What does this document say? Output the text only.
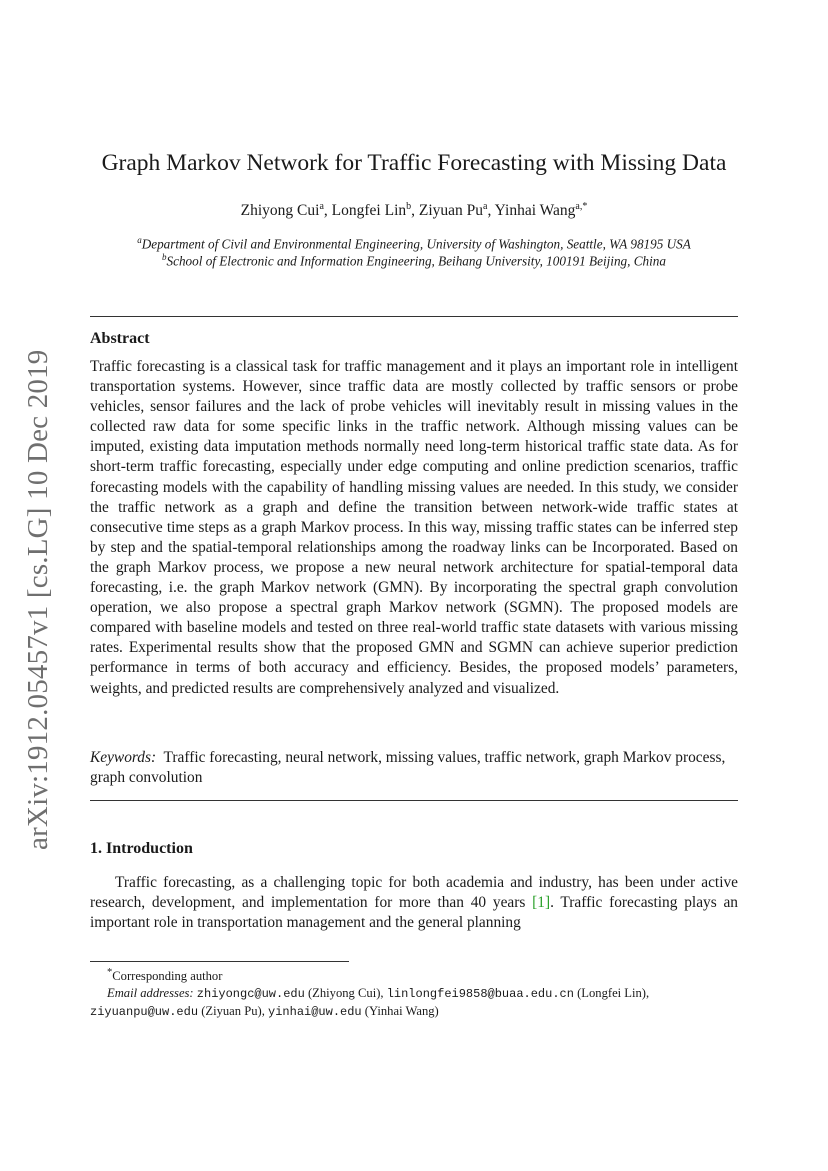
arXiv:1912.05457v1 [cs.LG] 10 Dec 2019
Graph Markov Network for Traffic Forecasting with Missing Data
Zhiyong Cui$^a$, Longfei Lin$^b$, Ziyuan Pu$^a$, Yinhai Wang$^{a,*}$
$^a$Department of Civil and Environmental Engineering, University of Washington, Seattle, WA 98195 USA
$^b$School of Electronic and Information Engineering, Beihang University, 100191 Beijing, China
Abstract

Traffic forecasting is a classical task for traffic management and it plays an important role in intelligent transportation systems. However, since traffic data are mostly collected by traffic sensors or probe vehicles, sensor failures and the lack of probe vehicles will inevitably result in missing values in the collected raw data for some specific links in the traffic network. Although missing values can be imputed, existing data imputation methods normally need long-term historical traffic state data. As for short-term traffic forecasting, especially under edge computing and online prediction scenarios, traffic forecasting models with the capability of handling missing values are needed. In this study, we consider the traffic network as a graph and define the transition between network-wide traffic states at consecutive time steps as a graph Markov process. In this way, missing traffic states can be inferred step by step and the spatial-temporal relationships among the roadway links can be Incorporated. Based on the graph Markov process, we propose a new neural network architecture for spatial-temporal data forecasting, i.e. the graph Markov network (GMN). By incorporating the spectral graph convolution operation, we also propose a spectral graph Markov network (SGMN). The proposed models are compared with baseline models and tested on three real-world traffic state datasets with various missing rates. Experimental results show that the proposed GMN and SGMN can achieve superior prediction performance in terms of both accuracy and efficiency. Besides, the proposed models’ parameters, weights, and predicted results are comprehensively analyzed and visualized.

Keywords: Traffic forecasting, neural network, missing values, traffic network, graph Markov process, graph convolution

1. Introduction

Traffic forecasting, as a challenging topic for both academia and industry, has been under active research, development, and implementation for more than 40 years [1]. Traffic forecasting plays an important role in transportation management and the general planning

*Corresponding author
Email addresses: zhiyongc@uw.edu (Zhiyong Cui), linlongfei9858@buaa.edu.cn (Longfei Lin),
ziyuanpu@uw.edu (Ziyuan Pu), yinhai@uw.edu (Yinhai Wang)
